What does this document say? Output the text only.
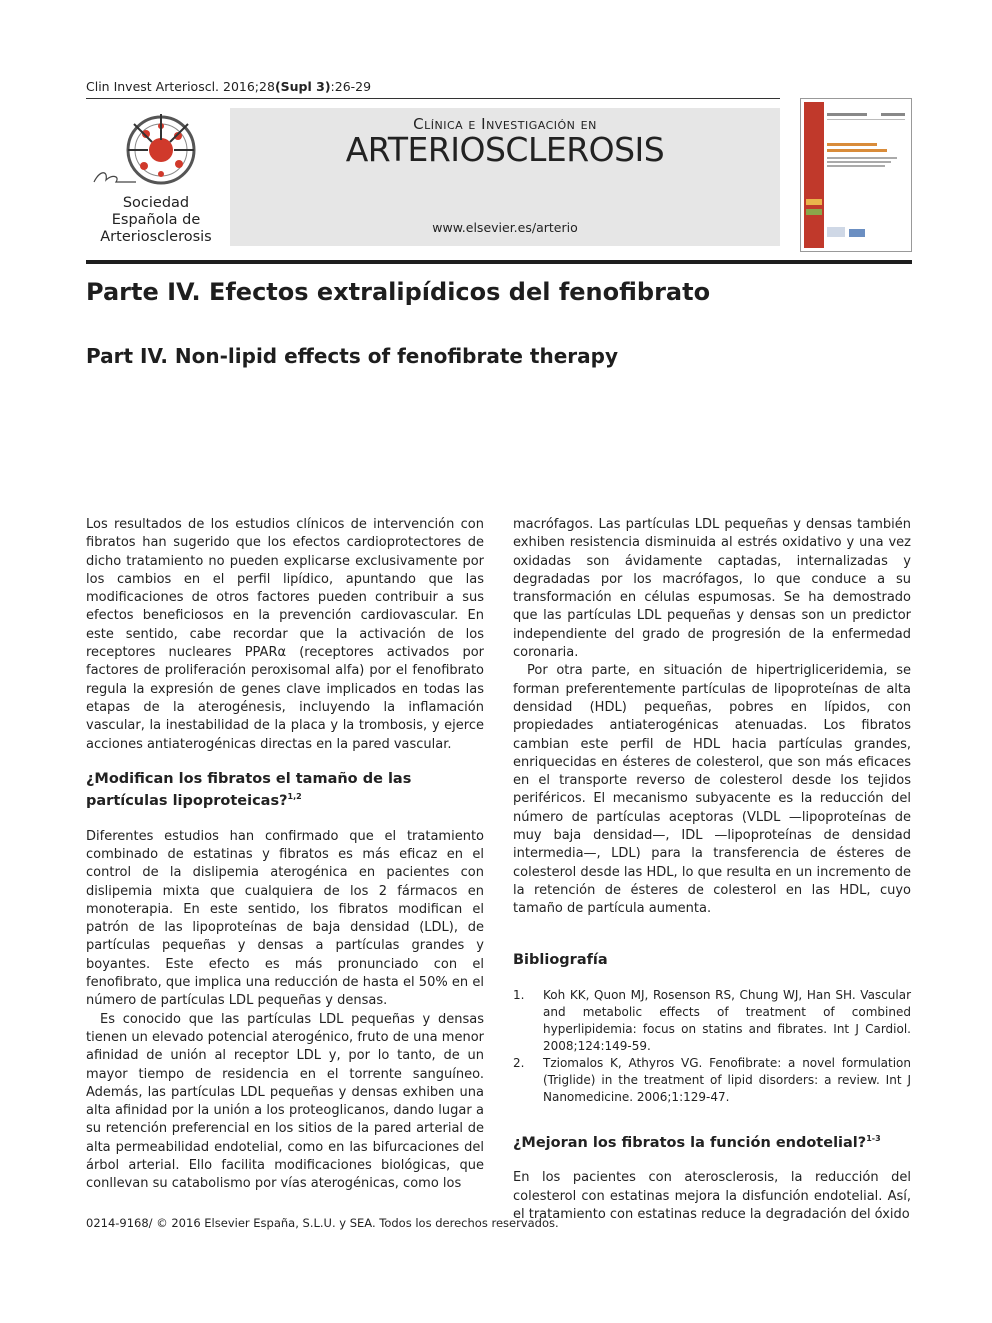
Clin Invest Arterioscl. 2016;28(Supl 3):26-29
Sociedad
Española de
Arteriosclerosis
Clínica e Investigación en
ARTERIOSCLEROSIS
www.elsevier.es/arterio
Parte IV. Efectos extralipídicos del fenofibrato
Part IV. Non-lipid effects of fenofibrate therapy

Los resultados de los estudios clínicos de intervención con fibratos han sugerido que los efectos cardioprotectores de dicho tratamiento no pueden explicarse exclusivamente por los cambios en el perfil lipídico, apuntando que las modificaciones de otros factores pueden contribuir a sus efectos beneficiosos en la prevención cardiovascular. En este sentido, cabe recordar que la activación de los receptores nucleares PPARα (receptores activados por factores de proliferación peroxisomal alfa) por el fenofibrato regula la expresión de genes clave implicados en todas las etapas de la aterogénesis, incluyendo la inflamación vascular, la inestabilidad de la placa y la trombosis, y ejerce acciones antiaterogénicas directas en la pared vascular.

¿Modifican los fibratos el tamaño de las partículas lipoproteicas?$^{1,2}$

Diferentes estudios han confirmado que el tratamiento combinado de estatinas y fibratos es más eficaz en el control de la dislipemia aterogénica en pacientes con dislipemia mixta que cualquiera de los 2 fármacos en monoterapia. En este sentido, los fibratos modifican el patrón de las lipoproteínas de baja densidad (LDL), de partículas pequeñas y densas a partículas grandes y boyantes. Este efecto es más pronunciado con el fenofibrato, que implica una reducción de hasta el 50% en el número de partículas LDL pequeñas y densas.

Es conocido que las partículas LDL pequeñas y densas tienen un elevado potencial aterogénico, fruto de una menor afinidad de unión al receptor LDL y, por lo tanto, de un mayor tiempo de residencia en el torrente sanguíneo. Además, las partículas LDL pequeñas y densas exhiben una alta afinidad por la unión a los proteoglicanos, dando lugar a su retención preferencial en los sitios de la pared arterial de alta permeabilidad endotelial, como en las bifurcaciones del árbol arterial. Ello facilita modificaciones biológicas, que conllevan su catabolismo por vías aterogénicas, como los

macrófagos. Las partículas LDL pequeñas y densas también exhiben resistencia disminuida al estrés oxidativo y una vez oxidadas son ávidamente captadas, internalizadas y degradadas por los macrófagos, lo que conduce a su transformación en células espumosas. Se ha demostrado que las partículas LDL pequeñas y densas son un predictor independiente del grado de progresión de la enfermedad coronaria.

Por otra parte, en situación de hipertrigliceridemia, se forman preferentemente partículas de lipoproteínas de alta densidad (HDL) pequeñas, pobres en lípidos, con propiedades antiaterogénicas atenuadas. Los fibratos cambian este perfil de HDL hacia partículas grandes, enriquecidas en ésteres de colesterol, que son más eficaces en el transporte reverso de colesterol desde los tejidos periféricos. El mecanismo subyacente es la reducción del número de partículas aceptoras (VLDL —lipoproteínas de muy baja densidad—, IDL —lipoproteínas de densidad intermedia—, LDL) para la transferencia de ésteres de colesterol desde las HDL, lo que resulta en un incremento de la retención de ésteres de colesterol en las HDL, cuyo tamaño de partícula aumenta.

Bibliografía
1.	Koh KK, Quon MJ, Rosenson RS, Chung WJ, Han SH. Vascular and metabolic effects of treatment of combined hyperlipidemia: focus on statins and fibrates. Int J Cardiol. 2008;124:149-59.
2.	Tziomalos K, Athyros VG. Fenofibrate: a novel formulation (Triglide) in the treatment of lipid disorders: a review. Int J Nanomedicine. 2006;1:129-47.
¿Mejoran los fibratos la función endotelial?$^{1-3}$

En los pacientes con aterosclerosis, la reducción del colesterol con estatinas mejora la disfunción endotelial. Así, el tratamiento con estatinas reduce la degradación del óxido

0214-9168/ © 2016 Elsevier España, S.L.U. y SEA. Todos los derechos reservados.
